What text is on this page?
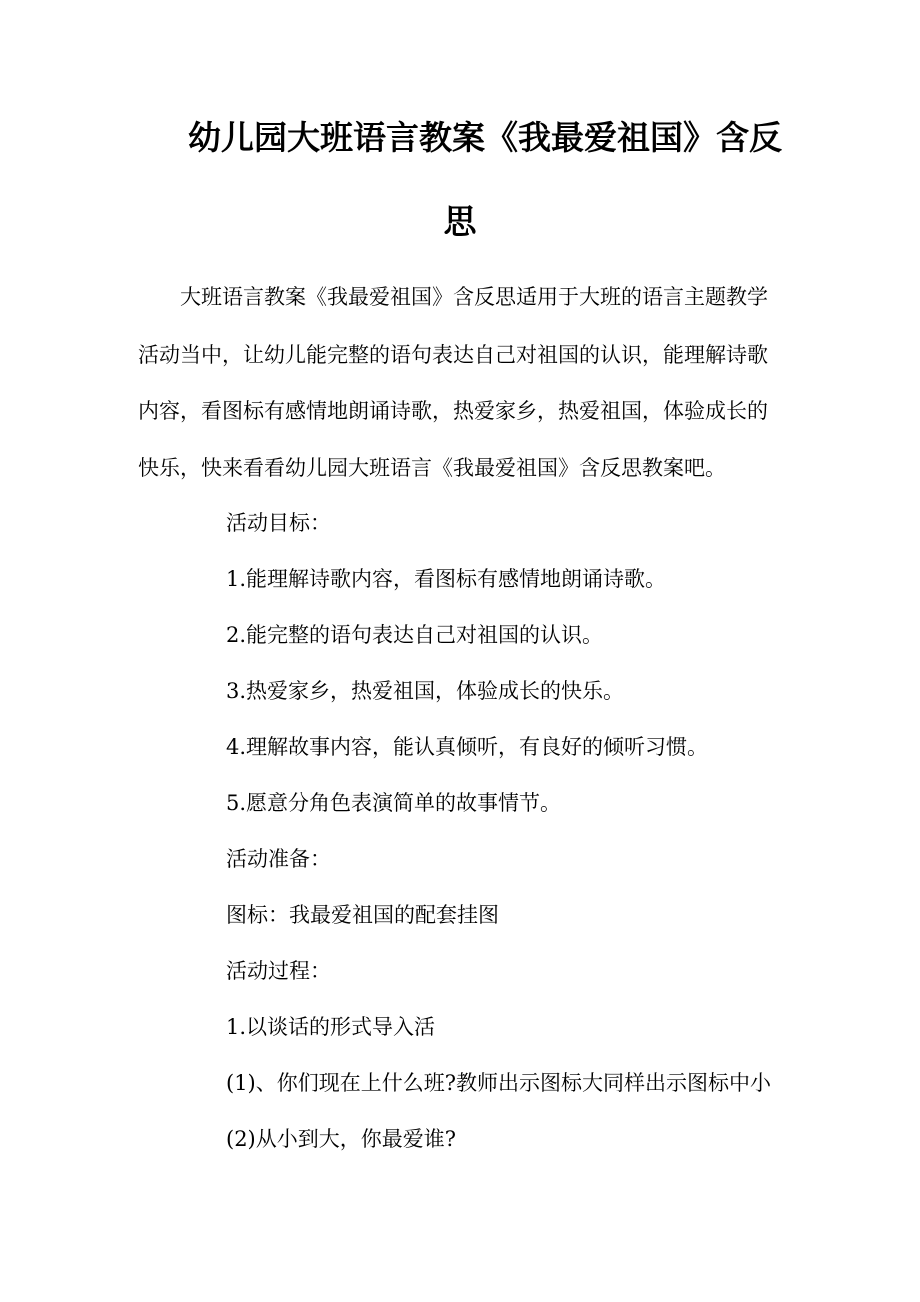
幼儿园大班语言教案《我最爱祖国》含反
思

大班语言教案《我最爱祖国》含反思适用于大班的语言主题教学

活动当中，让幼儿能完整的语句表达自己对祖国的认识，能理解诗歌

内容，看图标有感情地朗诵诗歌，热爱家乡，热爱祖国，体验成长的

快乐，快来看看幼儿园大班语言《我最爱祖国》含反思教案吧。

活动目标：

1.能理解诗歌内容，看图标有感情地朗诵诗歌。

2.能完整的语句表达自己对祖国的认识。

3.热爱家乡，热爱祖国，体验成长的快乐。

4.理解故事内容，能认真倾听，有良好的倾听习惯。

5.愿意分角色表演简单的故事情节。

活动准备：

图标：我最爱祖国的配套挂图

活动过程：

1.以谈话的形式导入活

(1)、你们现在上什么班?教师出示图标大同样出示图标中小

(2)从小到大，你最爱谁?
